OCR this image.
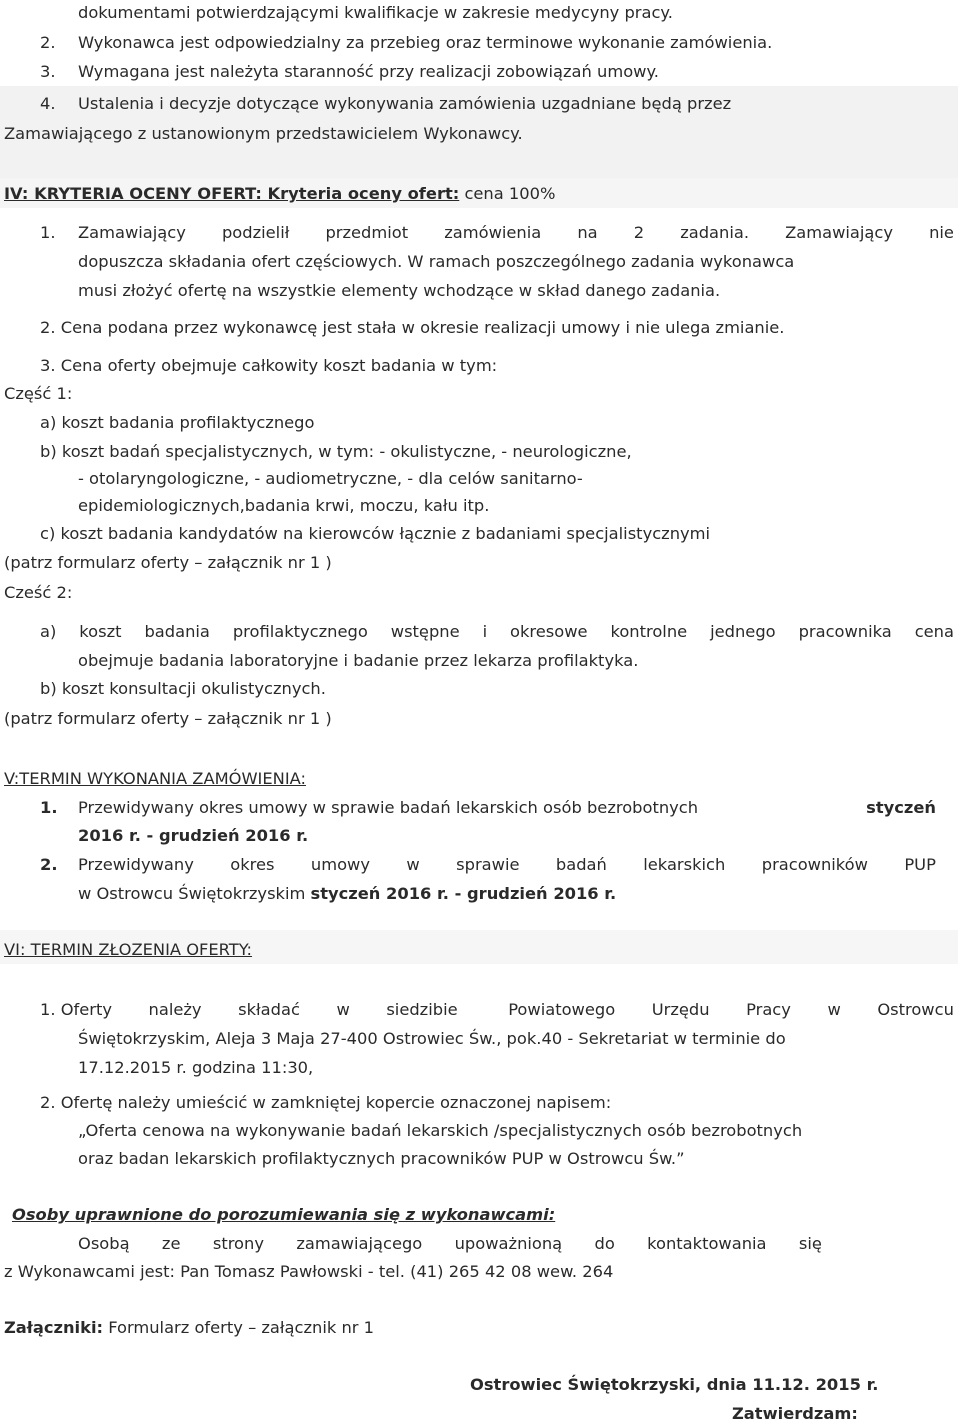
dokumentami potwierdzającymi kwalifikacje w zakresie medycyny pracy.
2. Wykonawca jest odpowiedzialny za przebieg oraz terminowe wykonanie zamówienia.
3. Wymagana jest należyta staranność przy realizacji zobowiązań umowy.
4. Ustalenia i decyzje dotyczące wykonywania zamówienia uzgadniane będą przez
Zamawiającego z ustanowionym przedstawicielem Wykonawcy.
IV: KRYTERIA OCENY OFERT: Kryteria oceny ofert: cena 100%
1. Zamawiający podzielił przedmiot zamówienia na 2 zadania. Zamawiający nie
dopuszcza składania ofert częściowych. W ramach poszczególnego zadania wykonawca
musi złożyć ofertę na wszystkie elementy wchodzące w skład danego zadania.
2. Cena podana przez wykonawcę jest stała w okresie realizacji umowy i nie ulega zmianie.
3. Cena oferty obejmuje całkowity koszt badania w tym:
Część 1:
a) koszt badania profilaktycznego
b) koszt badań specjalistycznych, w tym: - okulistyczne, - neurologiczne,
- otolaryngologiczne, - audiometryczne, - dla celów sanitarno-
epidemiologicznych,badania krwi, moczu, kału itp.
c) koszt badania kandydatów na kierowców łącznie z badaniami specjalistycznymi
(patrz formularz oferty – załącznik nr 1 )
Cześć 2:
a) koszt badania profilaktycznego wstępne i okresowe kontrolne jednego pracownika cena
obejmuje badania laboratoryjne i badanie przez lekarza profilaktyka.
b) koszt konsultacji okulistycznych.
(patrz formularz oferty – załącznik nr 1 )
V:TERMIN WYKONANIA ZAMÓWIENIA:
1. Przewidywany okres umowy w sprawie badań lekarskich osób bezrobotnych	styczeń
2016 r. - grudzień 2016 r.
2. Przewidywany okres umowy w sprawie badań lekarskich pracowników PUP
w Ostrowcu Świętokrzyskim styczeń 2016 r. - grudzień 2016 r.
VI: TERMIN ZŁOZENIA OFERTY:
1. Oferty należy składać w siedzibie	Powiatowego Urzędu Pracy w Ostrowcu
Świętokrzyskim, Aleja 3 Maja 27-400 Ostrowiec Św., pok.40 - Sekretariat w terminie do
17.12.2015 r. godzina 11:30,
2. Ofertę należy umieścić w zamkniętej kopercie oznaczonej napisem:
„Oferta cenowa na wykonywanie badań lekarskich /specjalistycznych osób bezrobotnych
oraz badan lekarskich profilaktycznych pracowników PUP w Ostrowcu Św.”
Osoby uprawnione do porozumiewania się z wykonawcami:
Osobą ze strony zamawiającego upoważnioną do kontaktowania się
z Wykonawcami jest: Pan Tomasz Pawłowski - tel. (41) 265 42 08 wew. 264
Załączniki: Formularz oferty – załącznik nr 1
Ostrowiec Świętokrzyski, dnia 11.12. 2015 r.
Zatwierdzam:
